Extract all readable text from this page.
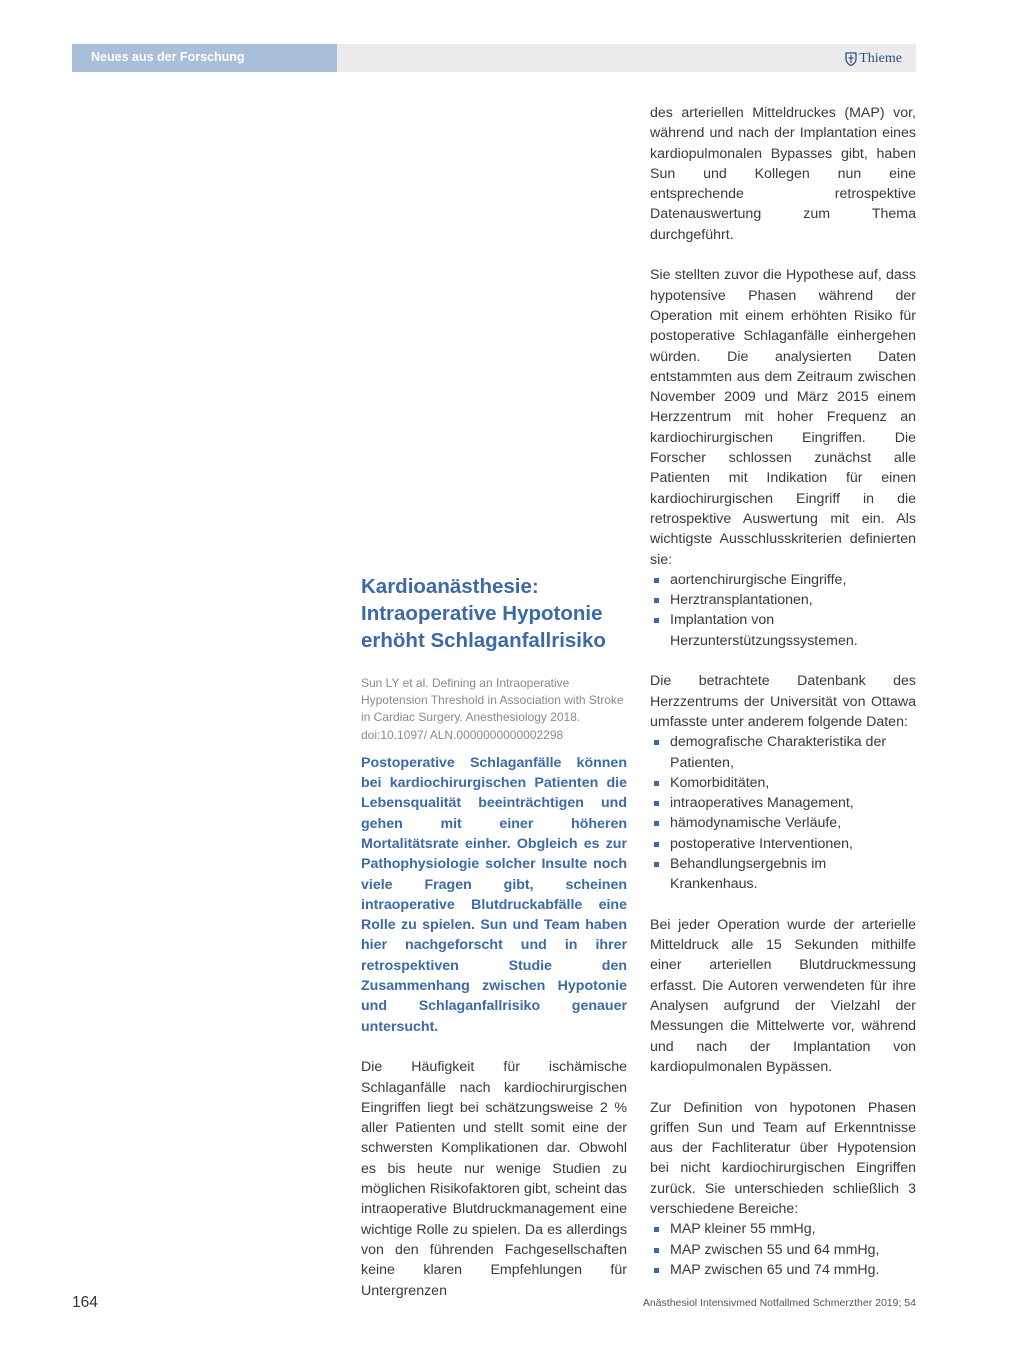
Neues aus der Forschung	Thieme
Kardioanästhesie: Intraoperative Hypotonie erhöht Schlaganfallrisiko

Sun LY et al. Defining an Intraoperative Hypotension Threshold in Association with Stroke in Cardiac Surgery. Anesthesiology 2018. doi:10.1097/ ALN.0000000000002298

Postoperative Schlaganfälle können bei kardiochirurgischen Patienten die Lebensqualität beeinträchtigen und gehen mit einer höheren Mortalitätsrate einher. Obgleich es zur Pathophysiologie solcher Insulte noch viele Fragen gibt, scheinen intraoperative Blutdruckabfälle eine Rolle zu spielen. Sun und Team haben hier nachgeforscht und in ihrer retrospektiven Studie den Zusammenhang zwischen Hypotonie und Schlaganfallrisiko genauer untersucht.

Die Häufigkeit für ischämische Schlaganfälle nach kardiochirurgischen Eingriffen liegt bei schätzungsweise 2 % aller Patienten und stellt somit eine der schwersten Komplikationen dar. Obwohl es bis heute nur wenige Studien zu möglichen Risikofaktoren gibt, scheint das intraoperative Blutdruckmanagement eine wichtige Rolle zu spielen. Da es allerdings von den führenden Fachgesellschaften keine klaren Empfehlungen für Untergrenzen

des arteriellen Mitteldruckes (MAP) vor, während und nach der Implantation eines kardiopulmonalen Bypasses gibt, haben Sun und Kollegen nun eine entsprechende retrospektive Datenauswertung zum Thema durchgeführt.

Sie stellten zuvor die Hypothese auf, dass hypotensive Phasen während der Operation mit einem erhöhten Risiko für postoperative Schlaganfälle einhergehen würden. Die analysierten Daten entstammten aus dem Zeitraum zwischen November 2009 und März 2015 einem Herzzentrum mit hoher Frequenz an kardiochirurgischen Eingriffen. Die Forscher schlossen zunächst alle Patienten mit Indikation für einen kardiochirurgischen Eingriff in die retrospektive Auswertung mit ein. Als wichtigste Ausschlusskriterien definierten sie:

aortenchirurgische Eingriffe,
Herztransplantationen,
Implantation von Herzunterstützungssystemen.

Die betrachtete Datenbank des Herzzentrums der Universität von Ottawa umfasste unter anderem folgende Daten:

demografische Charakteristika der Patienten,
Komorbiditäten,
intraoperatives Management,
hämodynamische Verläufe,
postoperative Interventionen,
Behandlungsergebnis im Krankenhaus.

Bei jeder Operation wurde der arterielle Mitteldruck alle 15 Sekunden mithilfe einer arteriellen Blutdruckmessung erfasst. Die Autoren verwendeten für ihre Analysen aufgrund der Vielzahl der Messungen die Mittelwerte vor, während und nach der Implantation von kardiopulmonalen Bypässen.

Zur Definition von hypotonen Phasen griffen Sun und Team auf Erkenntnisse aus der Fachliteratur über Hypotension bei nicht kardiochirurgischen Eingriffen zurück. Sie unterschieden schließlich 3 verschiedene Bereiche:

MAP kleiner 55 mmHg,
MAP zwischen 55 und 64 mmHg,
MAP zwischen 65 und 74 mmHg.
164	Anästhesiol Intensivmed Notfallmed Schmerzther 2019; 54
